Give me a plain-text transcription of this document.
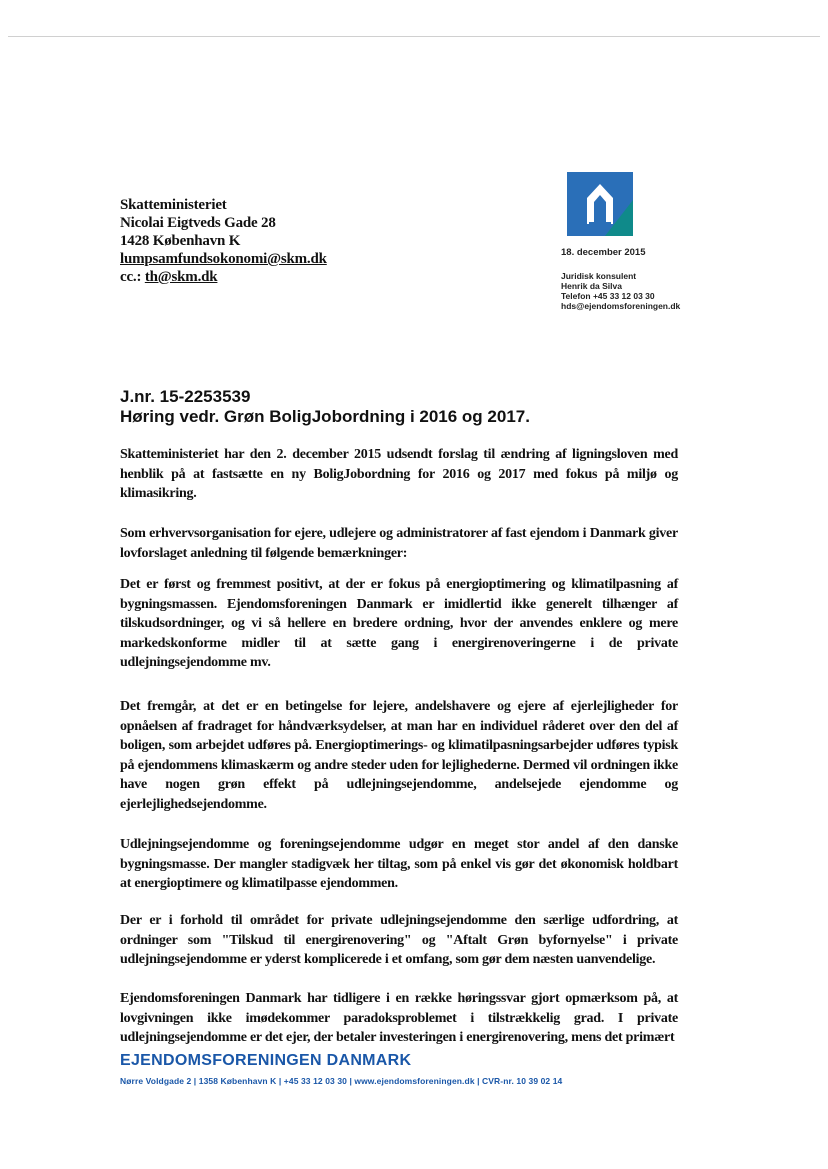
Skatteministeriet
Nicolai Eigtveds Gade 28
1428 København K
lumpsamfundsokonomi@skm.dk
cc.: th@skm.dk
18. december 2015
Juridisk konsulent
Henrik da Silva
Telefon +45 33 12 03 30
hds@ejendomsforeningen.dk
J.nr. 15-2253539
Høring vedr. Grøn BoligJobordning i 2016 og 2017.

Skatteministeriet har den 2. december 2015 udsendt forslag til ændring af ligningsloven med henblik på at fastsætte en ny BoligJobordning for 2016 og 2017 med fokus på miljø og klimasikring.

Som erhvervsorganisation for ejere, udlejere og administratorer af fast ejendom i Danmark giver lovforslaget anledning til følgende bemærkninger:

Det er først og fremmest positivt, at der er fokus på energioptimering og klimatilpasning af bygningsmassen. Ejendomsforeningen Danmark er imidlertid ikke generelt tilhænger af tilskudsordninger, og vi så hellere en bredere ordning, hvor der anvendes enklere og mere markedskonforme midler til at sætte gang i energirenoveringerne i de private udlejningsejendomme mv.

Det fremgår, at det er en betingelse for lejere, andelshavere og ejere af ejerlejligheder for opnåelsen af fradraget for håndværksydelser, at man har en individuel råderet over den del af boligen, som arbejdet udføres på. Energioptimerings- og klimatilpasningsarbejder udføres typisk på ejendommens klimaskærm og andre steder uden for lejlighederne. Dermed vil ordningen ikke have nogen grøn effekt på udlejningsejendomme, andelsejede ejendomme og ejerlejlighedsejendomme.

Udlejningsejendomme og foreningsejendomme udgør en meget stor andel af den danske bygningsmasse. Der mangler stadigvæk her tiltag, som på enkel vis gør det økonomisk holdbart at energioptimere og klimatilpasse ejendommen.

Der er i forhold til området for private udlejningsejendomme den særlige udfordring, at ordninger som "Tilskud til energirenovering" og "Aftalt Grøn byfornyelse" i private udlejningsejendomme er yderst komplicerede i et omfang, som gør dem næsten uanvendelige.

Ejendomsforeningen Danmark har tidligere i en række høringssvar gjort opmærksom på, at lovgivningen ikke imødekommer paradoksproblemet i tilstrækkelig grad. I private udlejningsejendomme er det ejer, der betaler investeringen i energirenovering, mens det primært

EJENDOMSFORENINGEN DANMARK
Nørre Voldgade 2 | 1358 København K | +45 33 12 03 30 | www.ejendomsforeningen.dk | CVR-nr. 10 39 02 14
